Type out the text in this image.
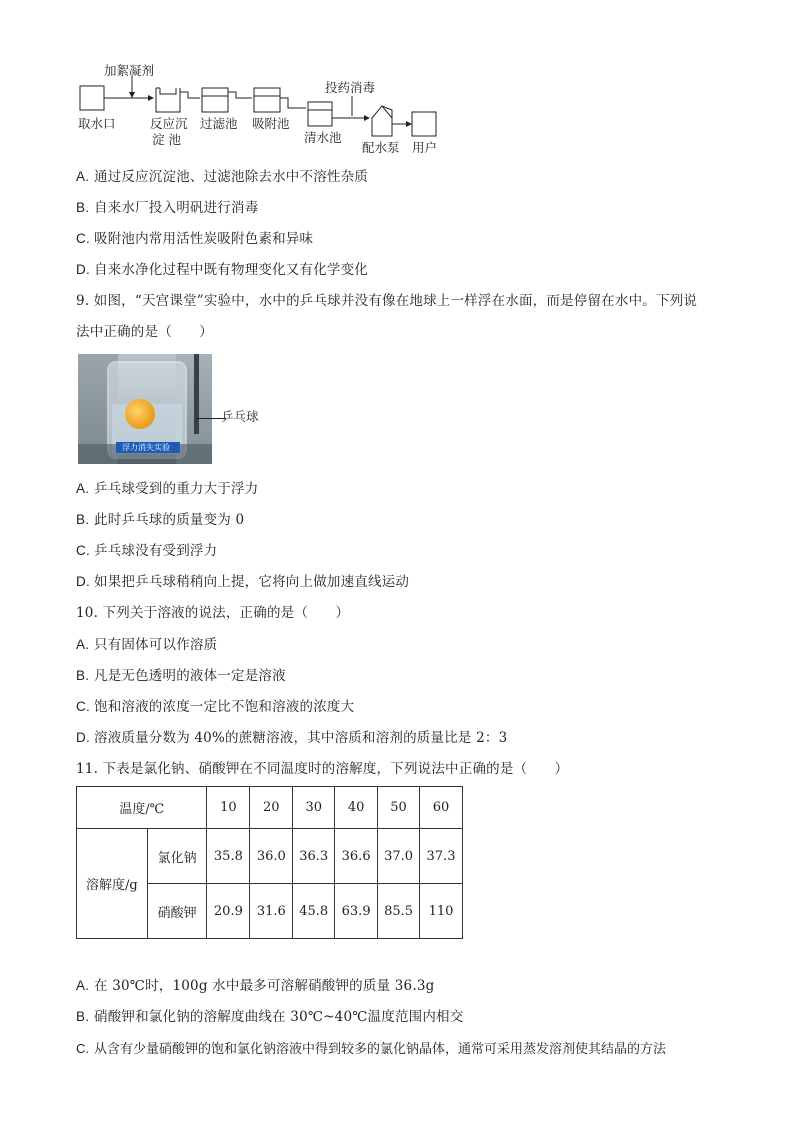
加絮凝剂
投药消毒
取水口	反应沉
淀 池
过滤池 吸附池
清水池
配水泵 用户
A. 通过反应沉淀池、过滤池除去水中不溶性杂质
B. 自来水厂投入明矾进行消毒
C. 吸附池内常用活性炭吸附色素和异味
D. 自来水净化过程中既有物理变化又有化学变化
9. 如图，“天宫课堂”实验中，水中的乒乓球并没有像在地球上一样浮在水面，而是停留在水中。下列说
法中正确的是（　　）
浮力消失实验
乒乓球
A. 乒乓球受到的重力大于浮力
B. 此时乒乓球的质量变为 0
C. 乒乓球没有受到浮力
D. 如果把乒乓球稍稍向上提，它将向上做加速直线运动
10. 下列关于溶液的说法，正确的是（　　）
A. 只有固体可以作溶质
B. 凡是无色透明的液体一定是溶液
C. 饱和溶液的浓度一定比不饱和溶液的浓度大
D. 溶液质量分数为 40%的蔗糖溶液，其中溶质和溶剂的质量比是 2：3
11. 下表是氯化钠、硝酸钾在不同温度时的溶解度，下列说法中正确的是（　　）
温度/℃		10	20	30	40	50	60
溶解度/g	氯化钠	35.8	36.0	36.3	36.6	37.0	37.3
	硝酸钾	20.9	31.6	45.8	63.9	85.5	110
A. 在 30℃时，100g 水中最多可溶解硝酸钾的质量 36.3g
B. 硝酸钾和氯化钠的溶解度曲线在 30℃~40℃温度范围内相交
C. 从含有少量硝酸钾的饱和氯化钠溶液中得到较多的氯化钠晶体，通常可采用蒸发溶剂使其结晶的方法
